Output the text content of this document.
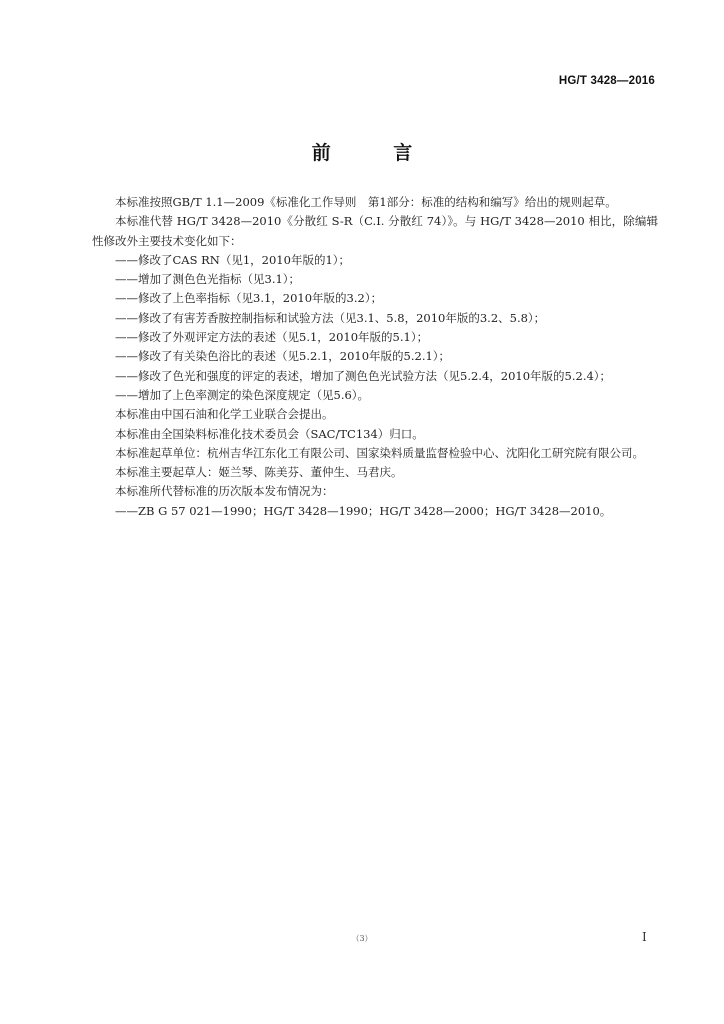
HG/T 3428—2016
前 言

本标准按照GB/T 1.1—2009《标准化工作导则　第1部分：标准的结构和编写》给出的规则起草。

本标准代替 HG/T 3428—2010《分散红 S-R（C.I. 分散红 74）》。与 HG/T 3428—2010 相比，除编辑性修改外主要技术变化如下：

——修改了CAS RN（见1，2010年版的1）；

——增加了测色色光指标（见3.1）；

——修改了上色率指标（见3.1，2010年版的3.2）；

——修改了有害芳香胺控制指标和试验方法（见3.1、5.8，2010年版的3.2、5.8）；

——修改了外观评定方法的表述（见5.1，2010年版的5.1）；

——修改了有关染色浴比的表述（见5.2.1，2010年版的5.2.1）；

——修改了色光和强度的评定的表述，增加了测色色光试验方法（见5.2.4，2010年版的5.2.4）；

——增加了上色率测定的染色深度规定（见5.6）。

本标准由中国石油和化学工业联合会提出。

本标准由全国染料标准化技术委员会（SAC/TC134）归口。

本标准起草单位：杭州吉华江东化工有限公司、国家染料质量监督检验中心、沈阳化工研究院有限公司。

本标准主要起草人：姬兰琴、陈美芬、董仲生、马君庆。

本标准所代替标准的历次版本发布情况为：

——ZB G 57 021—1990；HG/T 3428—1990；HG/T 3428—2000；HG/T 3428—2010。

（3）	I
